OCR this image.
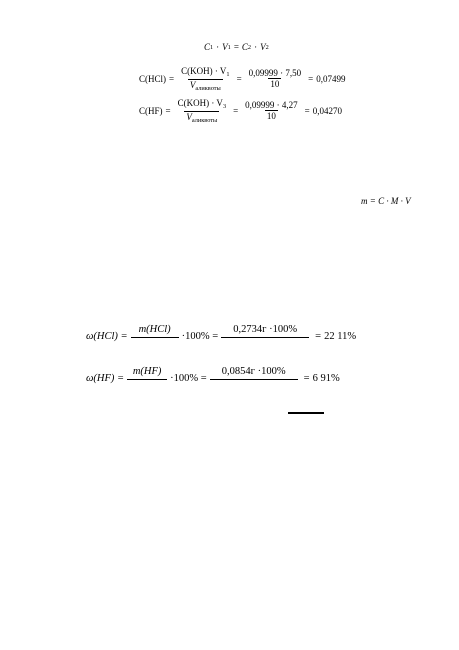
C 1 · V 1 = C 2 · V 2
$C(HCl) = \frac{C(KOH) \cdot V_1}{V_{аликвоты}} = \frac{0,09999 \cdot 7,50}{10} = 0,07499$
$C(HF) = \frac{C(KOH) \cdot V_3}{V_{аликвоты}} = \frac{0,09999 \cdot 4,27}{10} = 0,04270$
m = C · M · V
ω(HCl) =
m(HCl)
·100% =
0,2734г ·100%
= 22 11%
ω(HF) =
m(HF)
·100% =
0,0854г ·100%
= 6 91%
